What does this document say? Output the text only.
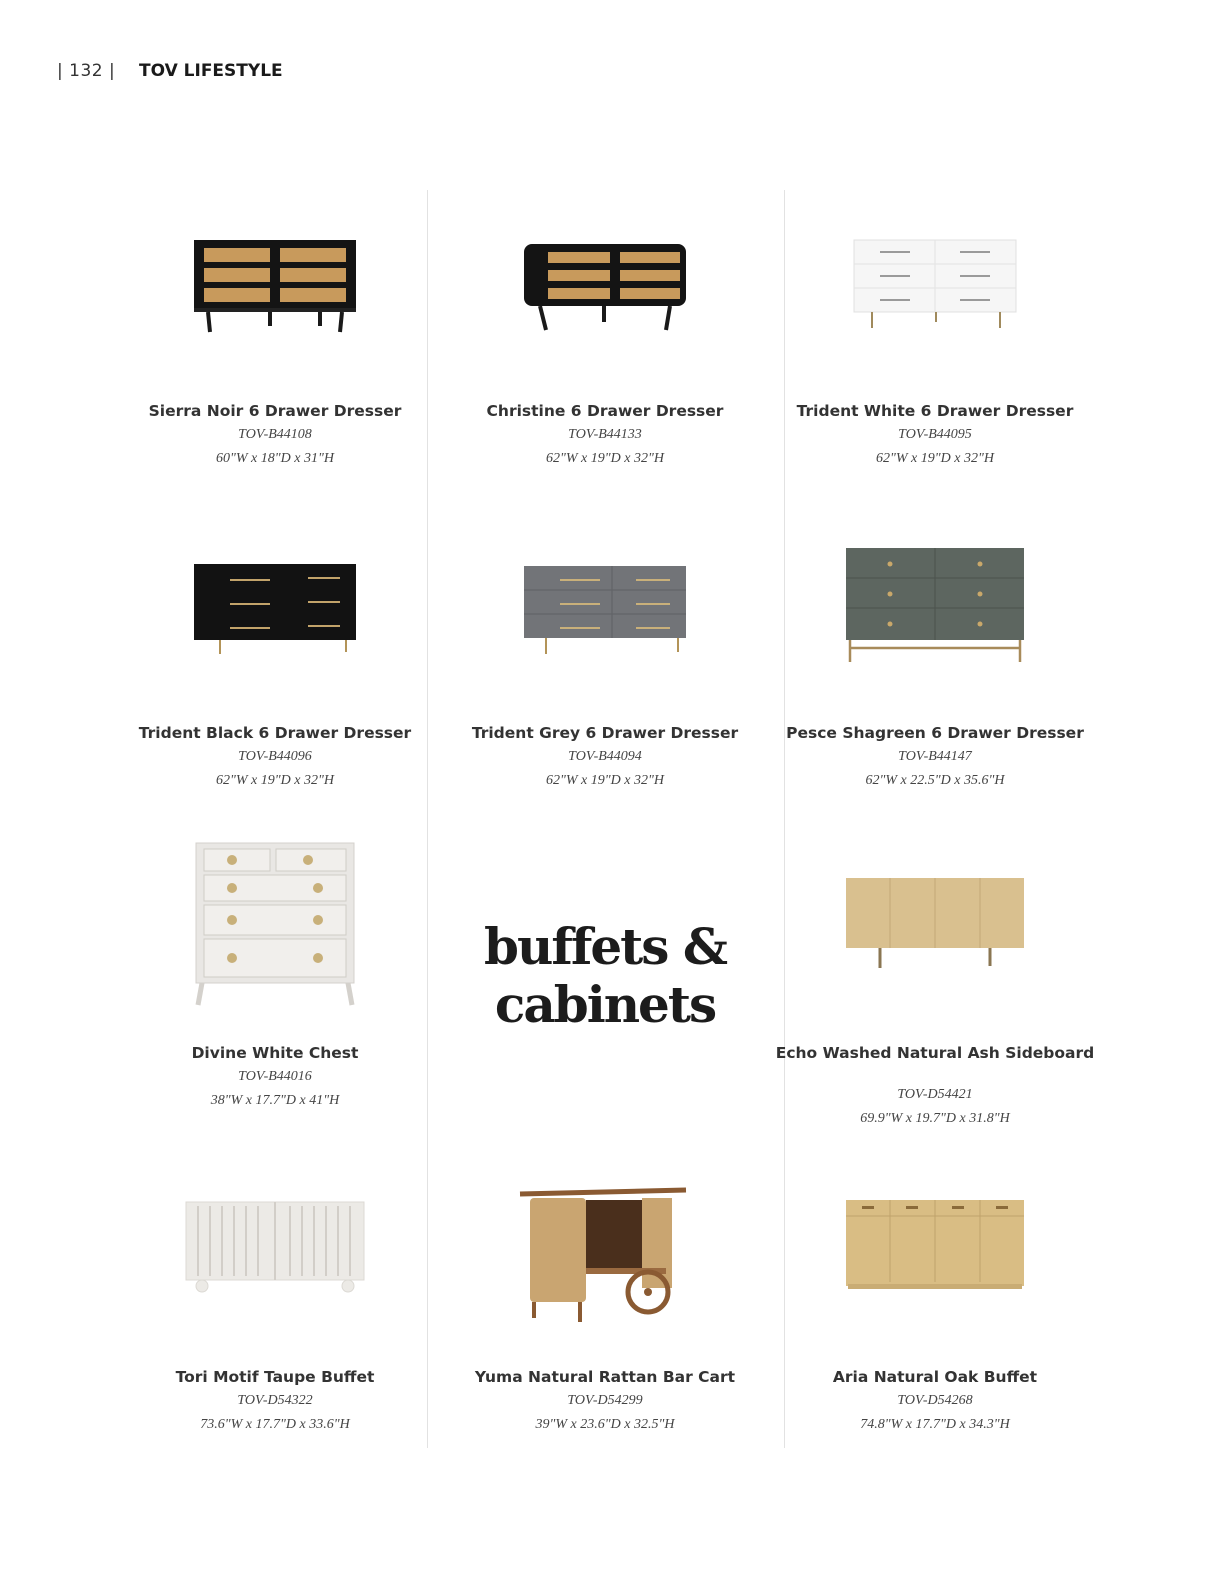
| 132 | TOV LIFESTYLE
Sierra Noir 6 Drawer Dresser
TOV-B44108
60"W x 18"D x 31"H
Christine 6 Drawer Dresser
TOV-B44133
62"W x 19"D x 32"H
Trident White 6 Drawer Dresser
TOV-B44095
62"W x 19"D x 32"H
Trident Black 6 Drawer Dresser
TOV-B44096
62"W x 19"D x 32"H
Trident Grey 6 Drawer Dresser
TOV-B44094
62"W x 19"D x 32"H
Pesce Shagreen 6 Drawer Dresser
TOV-B44147
62"W x 22.5"D x 35.6"H
Divine White Chest
TOV-B44016
38"W x 17.7"D x 41"H
buffets &
cabinets
Echo Washed Natural Ash Sideboard
TOV-D54421
69.9"W x 19.7"D x 31.8"H
Tori Motif Taupe Buffet
TOV-D54322
73.6"W x 17.7"D x 33.6"H
Yuma Natural Rattan Bar Cart
TOV-D54299
39"W x 23.6"D x 32.5"H
Aria Natural Oak Buffet
TOV-D54268
74.8"W x 17.7"D x 34.3"H
